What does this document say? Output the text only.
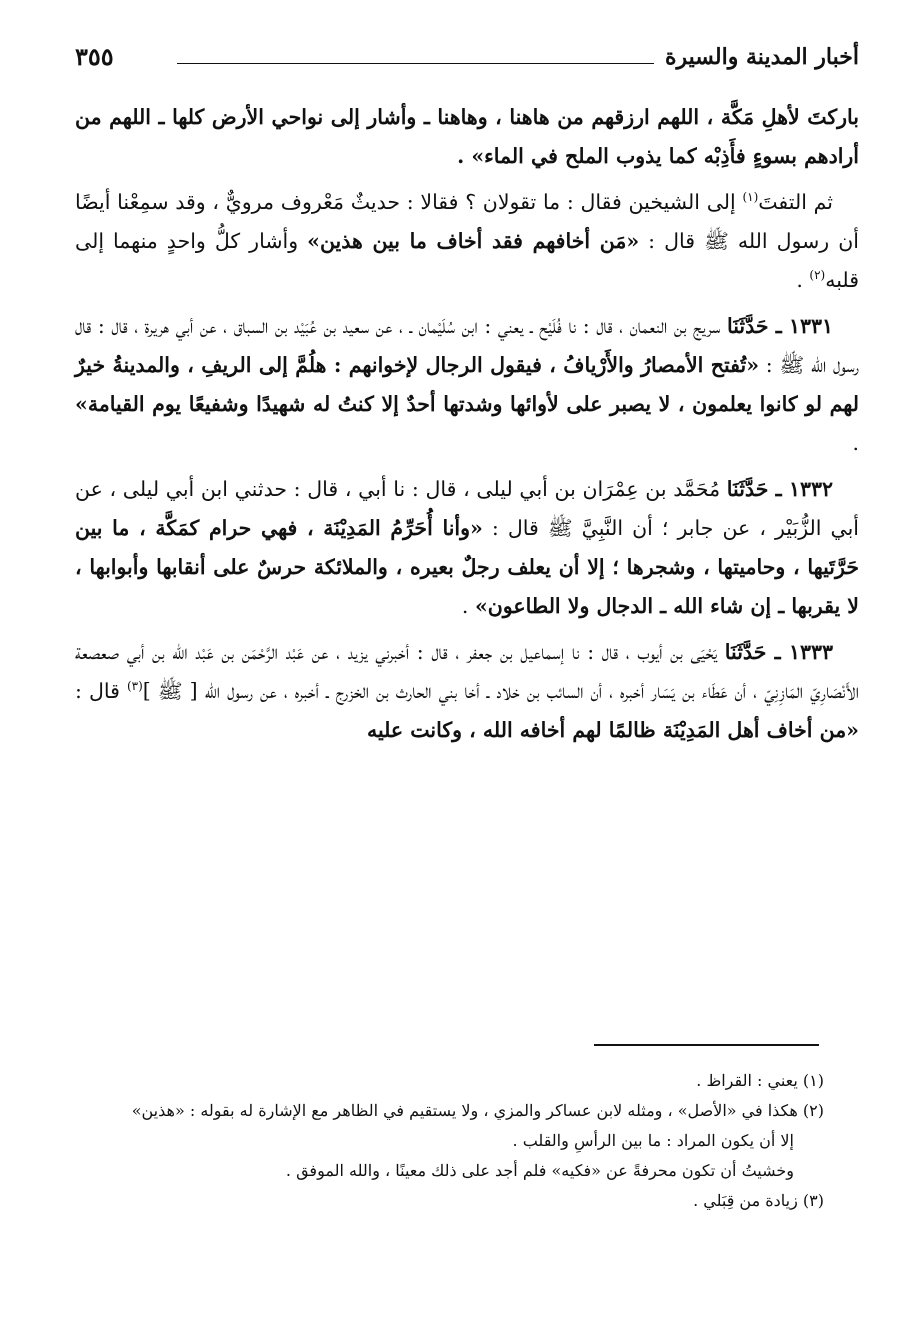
أخبار المدينة والسيرة
٣٥٥

باركتَ لأهلِ مَكَّة ، اللهم ارزقهم من هاهنا ، وهاهنا ـ وأشار إلى نواحي الأرض كلها ـ اللهم من أرادهم بسوءٍ فأَذِبْه كما يذوب الملح في الماء» .

ثم التفتَ$^{(١)}$ إلى الشيخين فقال : ما تقولان ؟ فقالا : حديثٌ مَعْروف مرويٌّ ، وقد سمِعْنا أيضًا أن رسول الله ﷺ قال : «مَن أخافهم فقد أخاف ما بين هذين» وأشار كلُّ واحدٍ منهما إلى قلبه$^{(٢)}$ .

١٣٣١ ـ حَدَّثَنَا سريج بن النعمان ، قال : نا فُلَيْح ـ يعني : ابن سُلَيْمان ـ ، عن سعيد بن عُبَيْد بن السباق ، عن أبي هريرة ، قال : قال رسول الله ﷺ : «تُفتح الأمصارُ والأَرْيافُ ، فيقول الرجال لإخوانهم : هلُمَّ إلى الريفِ ، والمدينةُ خيرٌ لهم لو كانوا يعلمون ، لا يصبر على لأوائها وشدتها أحدٌ إلا كنتُ له شهيدًا وشفيعًا يوم القيامة» .

١٣٣٢ ـ حَدَّثَنَا مُحَمَّد بن عِمْرَان بن أبي ليلى ، قال : نا أبي ، قال : حدثني ابن أبي ليلى ، عن أبي الزُّبَيْر ، عن جابر ؛ أن النَّبِيَّ ﷺ قال : «وأنا أُحَرِّمُ المَدِيْنَة ، فهي حرام كمَكَّة ، ما بين حَرَّتَيها ، وحاميتها ، وشجرها ؛ إلا أن يعلف رجلٌ بعيره ، والملائكة حرسٌ على أنقابها وأبوابها ، لا يقربها ـ إن شاء الله ـ الدجال ولا الطاعون» .

١٣٣٣ ـ حَدَّثَنَا يَحْيَى بن أيوب ، قال : نا إسماعيل بن جعفر ، قال : أخبرني يزيد ، عن عَبْد الرَّحْمَن بن عَبْد الله بن أبي صعصعة الأَنْصَارِيّ المَازِنِيّ ، أن عَطَاء بن يَسَار أخبره ، أن السائب بن خلاد ـ أخا بني الحارث بن الخزرج ـ أخبره ، عن رسول الله [ ﷺ ]$^{(٣)}$ قال : «من أخاف أهل المَدِيْنَة ظالمًا لهم أخافه الله ، وكانت عليه

(١) يعني : القراظ .

(٢) هكذا في «الأصل» ، ومثله لابن عساكر والمزي ، ولا يستقيم في الظاهر مع الإشارة له بقوله : «هذين»

إلا أن يكون المراد : ما بين الرأسِ والقلب .

وخشيتُ أن تكون محرفةً عن «فكيه» فلم أجد على ذلك معينًا ، والله الموفق .

(٣) زيادة من قِبَلي .
